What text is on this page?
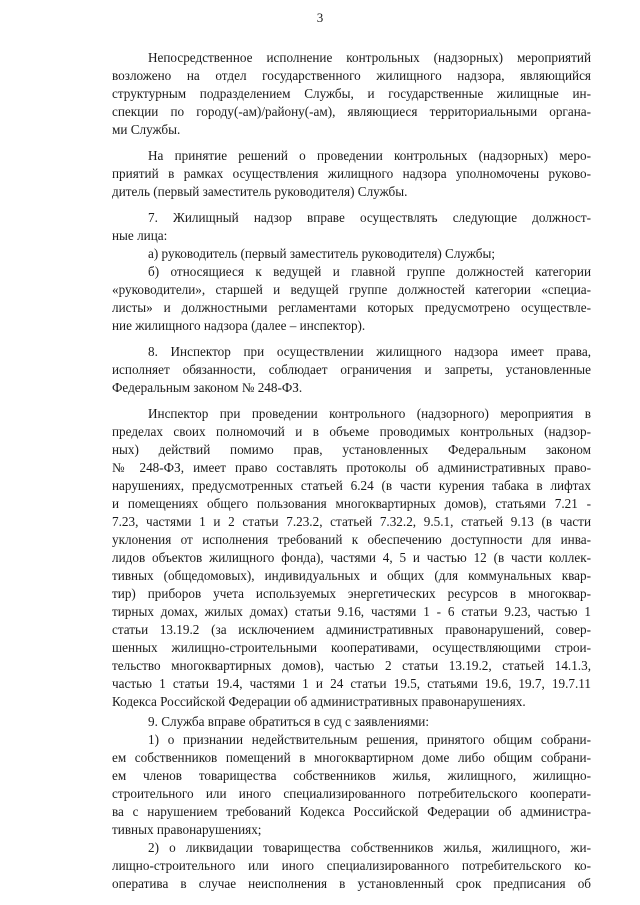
3
Непосредственное исполнение контрольных (надзорных) мероприятий
возложено на отдел государственного жилищного надзора, являющийся
структурным подразделением Службы, и государственные жилищные ин-
спекции по городу(-ам)/району(-ам), являющиеся территориальными органа-
ми Службы.
На принятие решений о проведении контрольных (надзорных) меро-
приятий в рамках осуществления жилищного надзора уполномочены руково-
дитель (первый заместитель руководителя) Службы.
7. Жилищный надзор вправе осуществлять следующие должност-
ные лица:
а) руководитель (первый заместитель руководителя) Службы;
б) относящиеся к ведущей и главной группе должностей категории
«руководители», старшей и ведущей группе должностей категории «специа-
листы» и должностными регламентами которых предусмотрено осуществле-
ние жилищного надзора (далее – инспектор).
8. Инспектор при осуществлении жилищного надзора имеет права,
исполняет обязанности, соблюдает ограничения и запреты, установленные
Федеральным законом № 248-ФЗ.
Инспектор при проведении контрольного (надзорного) мероприятия в
пределах своих полномочий и в объеме проводимых контрольных (надзор-
ных) действий помимо прав, установленных Федеральным законом
№ 248-ФЗ, имеет право составлять протоколы об административных право-
нарушениях, предусмотренных статьей 6.24 (в части курения табака в лифтах
и помещениях общего пользования многоквартирных домов), статьями 7.21 -
7.23, частями 1 и 2 статьи 7.23.2, статьей 7.32.2, 9.5.1, статьей 9.13 (в части
уклонения от исполнения требований к обеспечению доступности для инва-
лидов объектов жилищного фонда), частями 4, 5 и частью 12 (в части коллек-
тивных (общедомовых), индивидуальных и общих (для коммунальных квар-
тир) приборов учета используемых энергетических ресурсов в многоквар-
тирных домах, жилых домах) статьи 9.16, частями 1 - 6 статьи 9.23, частью 1
статьи 13.19.2 (за исключением административных правонарушений, совер-
шенных жилищно-строительными кооперативами, осуществляющими строи-
тельство многоквартирных домов), частью 2 статьи 13.19.2, статьей 14.1.3,
частью 1 статьи 19.4, частями 1 и 24 статьи 19.5, статьями 19.6, 19.7, 19.7.11
Кодекса Российской Федерации об административных правонарушениях.
9. Служба вправе обратиться в суд с заявлениями:
1) о признании недействительным решения, принятого общим собрани-
ем собственников помещений в многоквартирном доме либо общим собрани-
ем членов товарищества собственников жилья, жилищного, жилищно-
строительного или иного специализированного потребительского кооперати-
ва с нарушением требований Кодекса Российской Федерации об администра-
тивных правонарушениях;
2) о ликвидации товарищества собственников жилья, жилищного, жи-
лищно-строительного или иного специализированного потребительского ко-
оператива в случае неисполнения в установленный срок предписания об
